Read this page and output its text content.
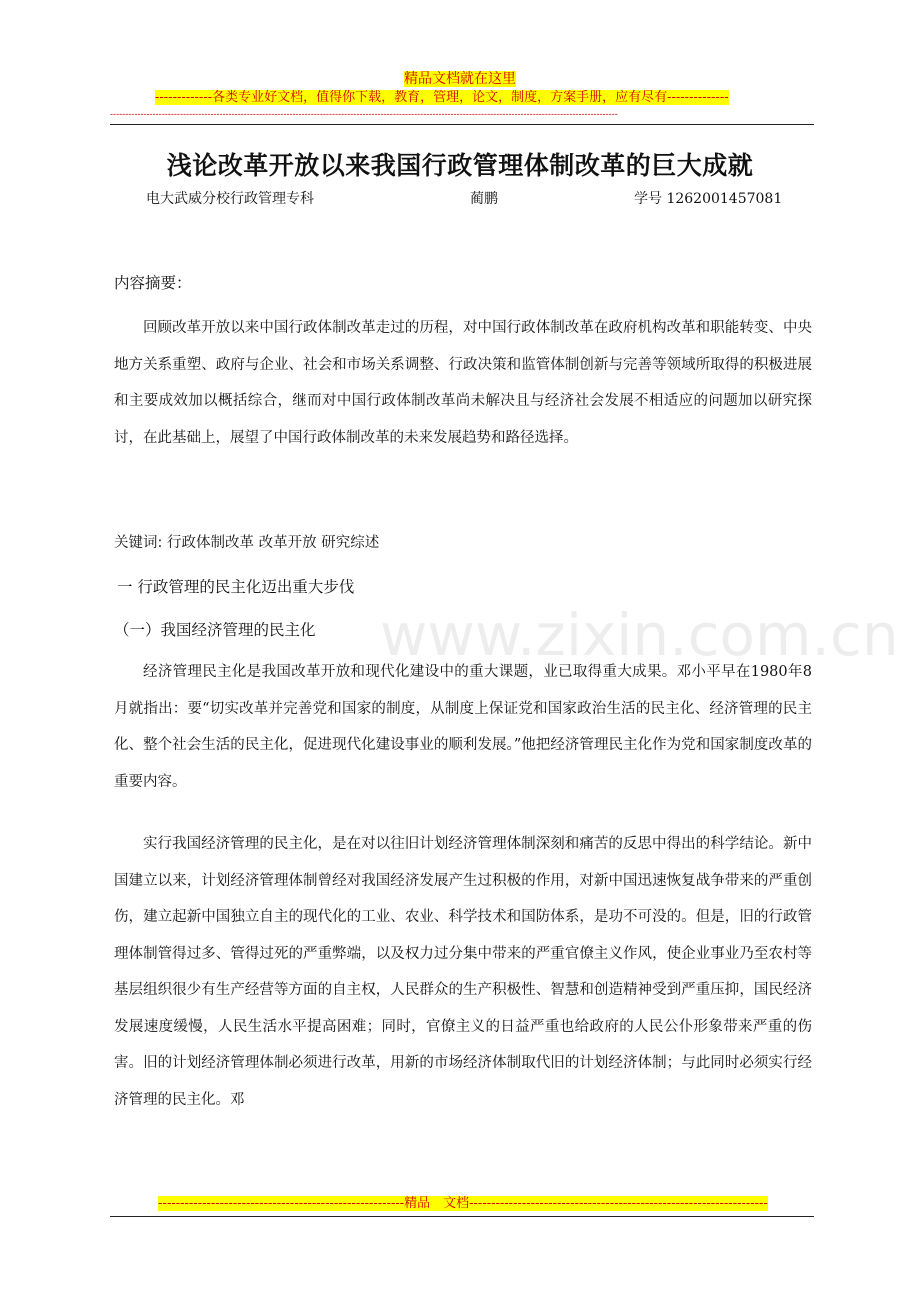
精品文档就在这里
-------------各类专业好文档，值得你下载，教育，管理，论文，制度，方案手册，应有尽有--------------
-----------------------------------------------------------------------------------------------------------------------------------------------------------------------
浅论改革开放以来我国行政管理体制改革的巨大成就
电大武威分校行政管理专科	蔺鹏	学号 1262001457081
内容摘要：

回顾改革开放以来中国行政体制改革走过的历程，对中国行政体制改革在政府机构改革和职能转变、中央地方关系重塑、政府与企业、社会和市场关系调整、行政决策和监管体制创新与完善等领域所取得的积极进展和主要成效加以概括综合，继而对中国行政体制改革尚未解决且与经济社会发展不相适应的问题加以研究探讨，在此基础上，展望了中国行政体制改革的未来发展趋势和路径选择。

关键词: 行政体制改革 改革开放 研究综述
一 行政管理的民主化迈出重大步伐
（一）我国经济管理的民主化 www.zixin.com.cn

经济管理民主化是我国改革开放和现代化建设中的重大课题，业已取得重大成果。邓小平早在1980年8月就指出：要“切实改革并完善党和国家的制度，从制度上保证党和国家政治生活的民主化、经济管理的民主化、整个社会生活的民主化，促进现代化建设事业的顺利发展。”他把经济管理民主化作为党和国家制度改革的重要内容。

实行我国经济管理的民主化，是在对以往旧计划经济管理体制深刻和痛苦的反思中得出的科学结论。新中国建立以来，计划经济管理体制曾经对我国经济发展产生过积极的作用，对新中国迅速恢复战争带来的严重创伤，建立起新中国独立自主的现代化的工业、农业、科学技术和国防体系，是功不可没的。但是，旧的行政管理体制管得过多、管得过死的严重弊端，以及权力过分集中带来的严重官僚主义作风，使企业事业乃至农村等基层组织很少有生产经营等方面的自主权，人民群众的生产积极性、智慧和创造精神受到严重压抑，国民经济发展速度缓慢，人民生活水平提高困难；同时，官僚主义的日益严重也给政府的人民公仆形象带来严重的伤害。旧的计划经济管理体制必须进行改革，用新的市场经济体制取代旧的计划经济体制；与此同时必须实行经济管理的民主化。邓

--------------------------------------------------------精品　文档--------------------------------------------------------------------
